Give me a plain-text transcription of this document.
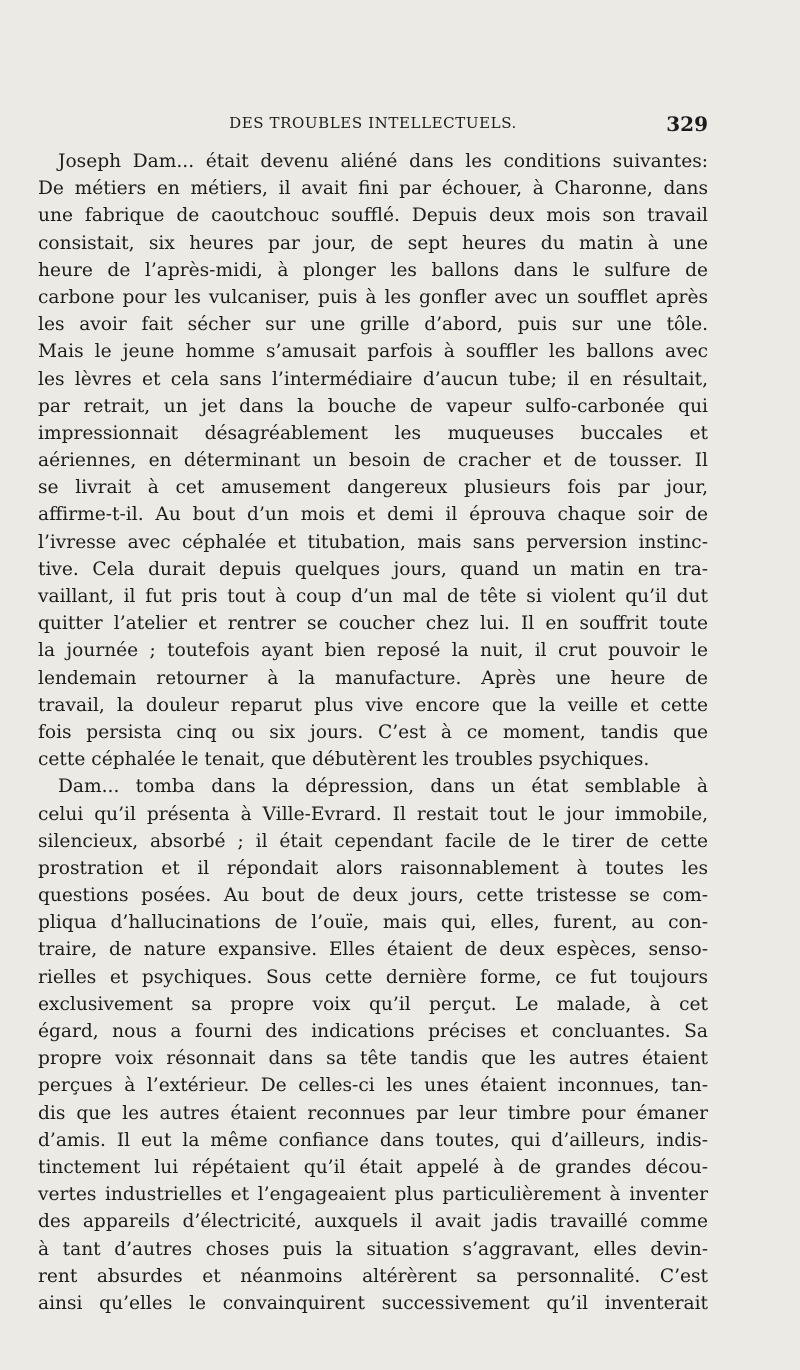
DES TROUBLES INTELLECTUELS.	329
Joseph Dam... était devenu aliéné dans les conditions suivantes:
De métiers en métiers, il avait fini par échouer, à Charonne, dans
une fabrique de caoutchouc soufflé. Depuis deux mois son travail
consistait, six heures par jour, de sept heures du matin à une
heure de l’après-midi, à plonger les ballons dans le sulfure de
carbone pour les vulcaniser, puis à les gonfler avec un soufflet après
les avoir fait sécher sur une grille d’abord, puis sur une tôle.
Mais le jeune homme s’amusait parfois à souffler les ballons avec
les lèvres et cela sans l’intermédiaire d’aucun tube; il en résultait,
par retrait, un jet dans la bouche de vapeur sulfo-carbonée qui
impressionnait désagréablement les muqueuses buccales et
aériennes, en déterminant un besoin de cracher et de tousser. Il
se livrait à cet amusement dangereux plusieurs fois par jour,
affirme-t-il. Au bout d’un mois et demi il éprouva chaque soir de
l’ivresse avec céphalée et titubation, mais sans perversion instinc-
tive. Cela durait depuis quelques jours, quand un matin en tra-
vaillant, il fut pris tout à coup d’un mal de tête si violent qu’il dut
quitter l’atelier et rentrer se coucher chez lui. Il en souffrit toute
la journée ; toutefois ayant bien reposé la nuit, il crut pouvoir le
lendemain retourner à la manufacture. Après une heure de
travail, la douleur reparut plus vive encore que la veille et cette
fois persista cinq ou six jours. C’est à ce moment, tandis que
cette céphalée le tenait, que débutèrent les troubles psychiques.
Dam... tomba dans la dépression, dans un état semblable à
celui qu’il présenta à Ville-Evrard. Il restait tout le jour immobile,
silencieux, absorbé ; il était cependant facile de le tirer de cette
prostration et il répondait alors raisonnablement à toutes les
questions posées. Au bout de deux jours, cette tristesse se com-
pliqua d’hallucinations de l’ouïe, mais qui, elles, furent, au con-
traire, de nature expansive. Elles étaient de deux espèces, senso-
rielles et psychiques. Sous cette dernière forme, ce fut toujours
exclusivement sa propre voix qu’il perçut. Le malade, à cet
égard, nous a fourni des indications précises et concluantes. Sa
propre voix résonnait dans sa tête tandis que les autres étaient
perçues à l’extérieur. De celles-ci les unes étaient inconnues, tan-
dis que les autres étaient reconnues par leur timbre pour émaner
d’amis. Il eut la même confiance dans toutes, qui d’ailleurs, indis-
tinctement lui répétaient qu’il était appelé à de grandes décou-
vertes industrielles et l’engageaient plus particulièrement à inventer
des appareils d’électricité, auxquels il avait jadis travaillé comme
à tant d’autres choses puis la situation s’aggravant, elles devin-
rent absurdes et néanmoins altérèrent sa personnalité. C’est
ainsi qu’elles le convainquirent successivement qu’il inventerait
